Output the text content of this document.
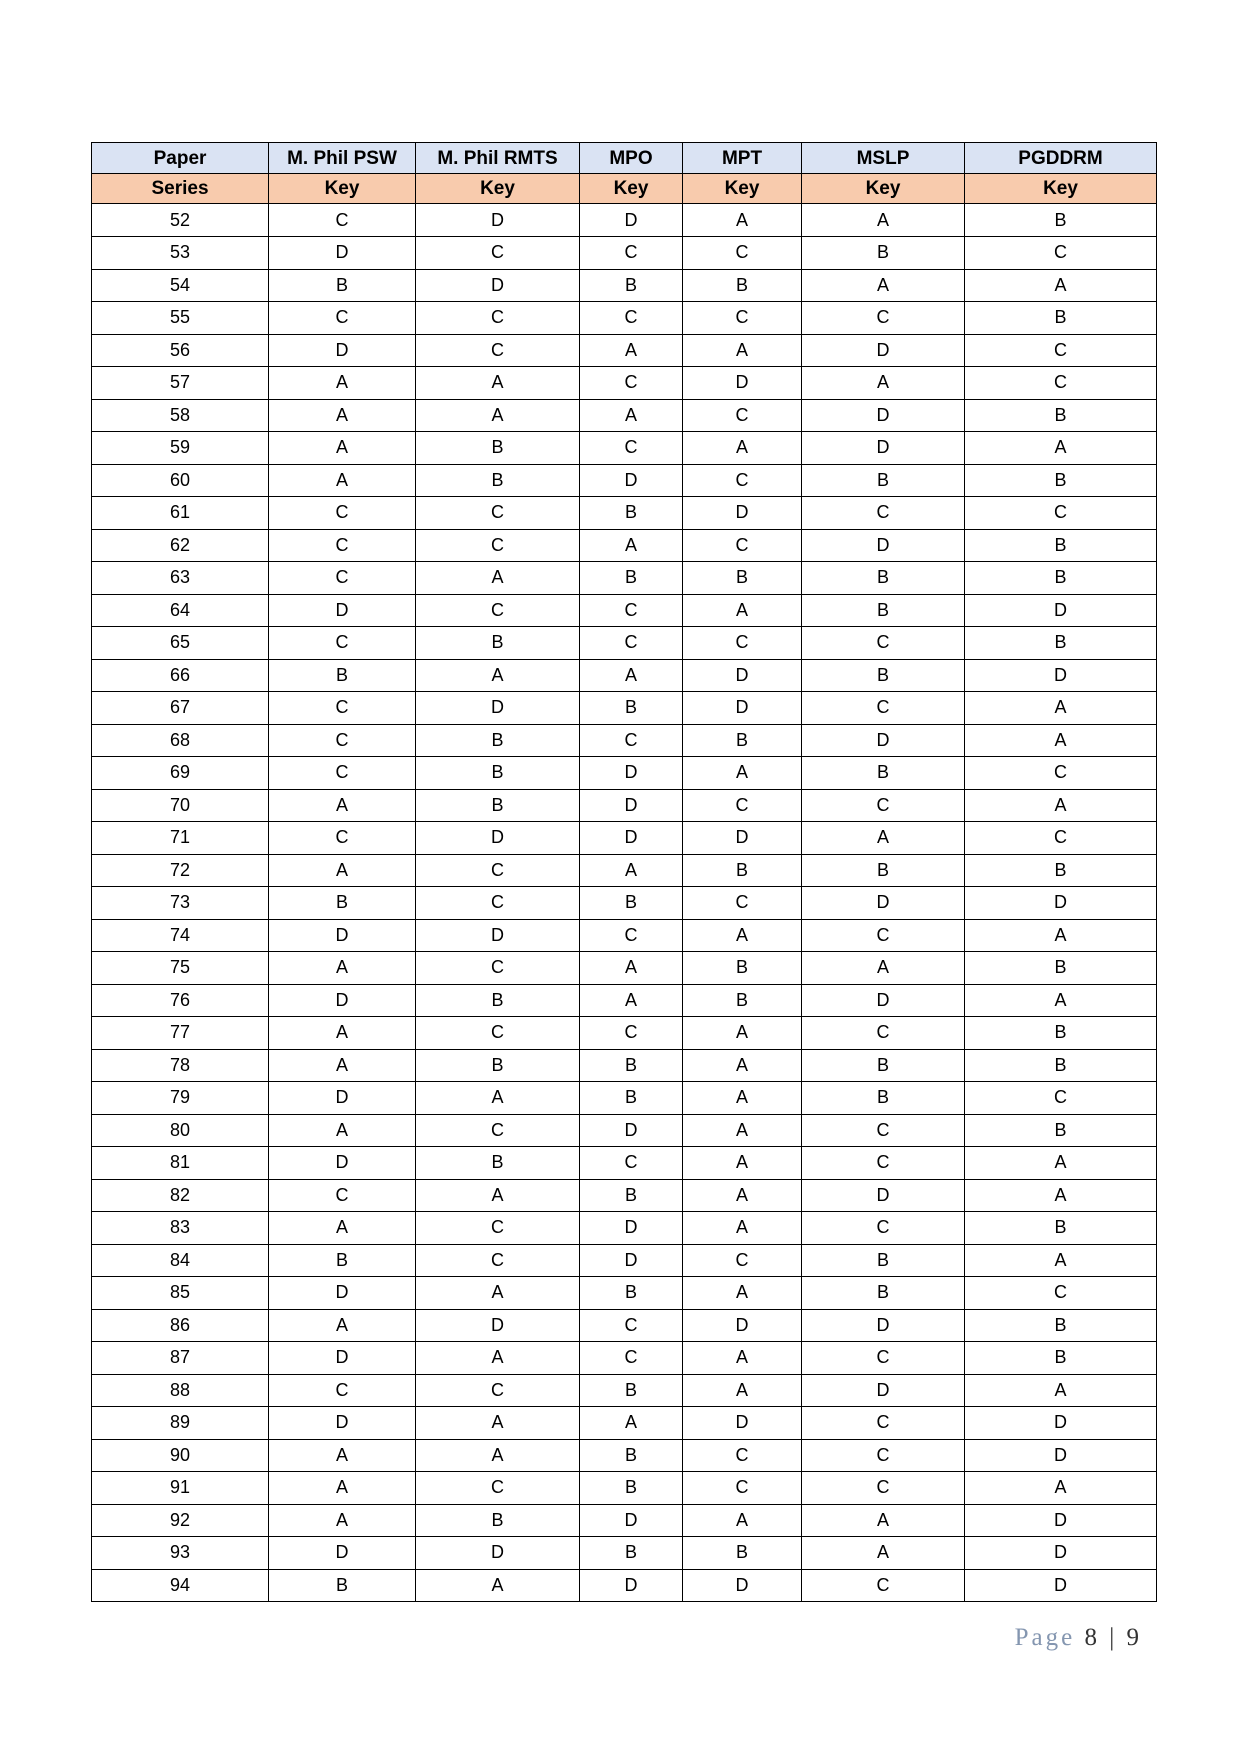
Paper	M. Phil PSW	M. Phil RMTS	MPO	MPT	MSLP	PGDDRM
Series	Key	Key	Key	Key	Key	Key
52	C	D	D	A	A	B
53	D	C	C	C	B	C
54	B	D	B	B	A	A
55	C	C	C	C	C	B
56	D	C	A	A	D	C
57	A	A	C	D	A	C
58	A	A	A	C	D	B
59	A	B	C	A	D	A
60	A	B	D	C	B	B
61	C	C	B	D	C	C
62	C	C	A	C	D	B
63	C	A	B	B	B	B
64	D	C	C	A	B	D
65	C	B	C	C	C	B
66	B	A	A	D	B	D
67	C	D	B	D	C	A
68	C	B	C	B	D	A
69	C	B	D	A	B	C
70	A	B	D	C	C	A
71	C	D	D	D	A	C
72	A	C	A	B	B	B
73	B	C	B	C	D	D
74	D	D	C	A	C	A
75	A	C	A	B	A	B
76	D	B	A	B	D	A
77	A	C	C	A	C	B
78	A	B	B	A	B	B
79	D	A	B	A	B	C
80	A	C	D	A	C	B
81	D	B	C	A	C	A
82	C	A	B	A	D	A
83	A	C	D	A	C	B
84	B	C	D	C	B	A
85	D	A	B	A	B	C
86	A	D	C	D	D	B
87	D	A	C	A	C	B
88	C	C	B	A	D	A
89	D	A	A	D	C	D
90	A	A	B	C	C	D
91	A	C	B	C	C	A
92	A	B	D	A	A	D
93	D	D	B	B	A	D
94	B	A	D	D	C	D
Page 8 | 9
